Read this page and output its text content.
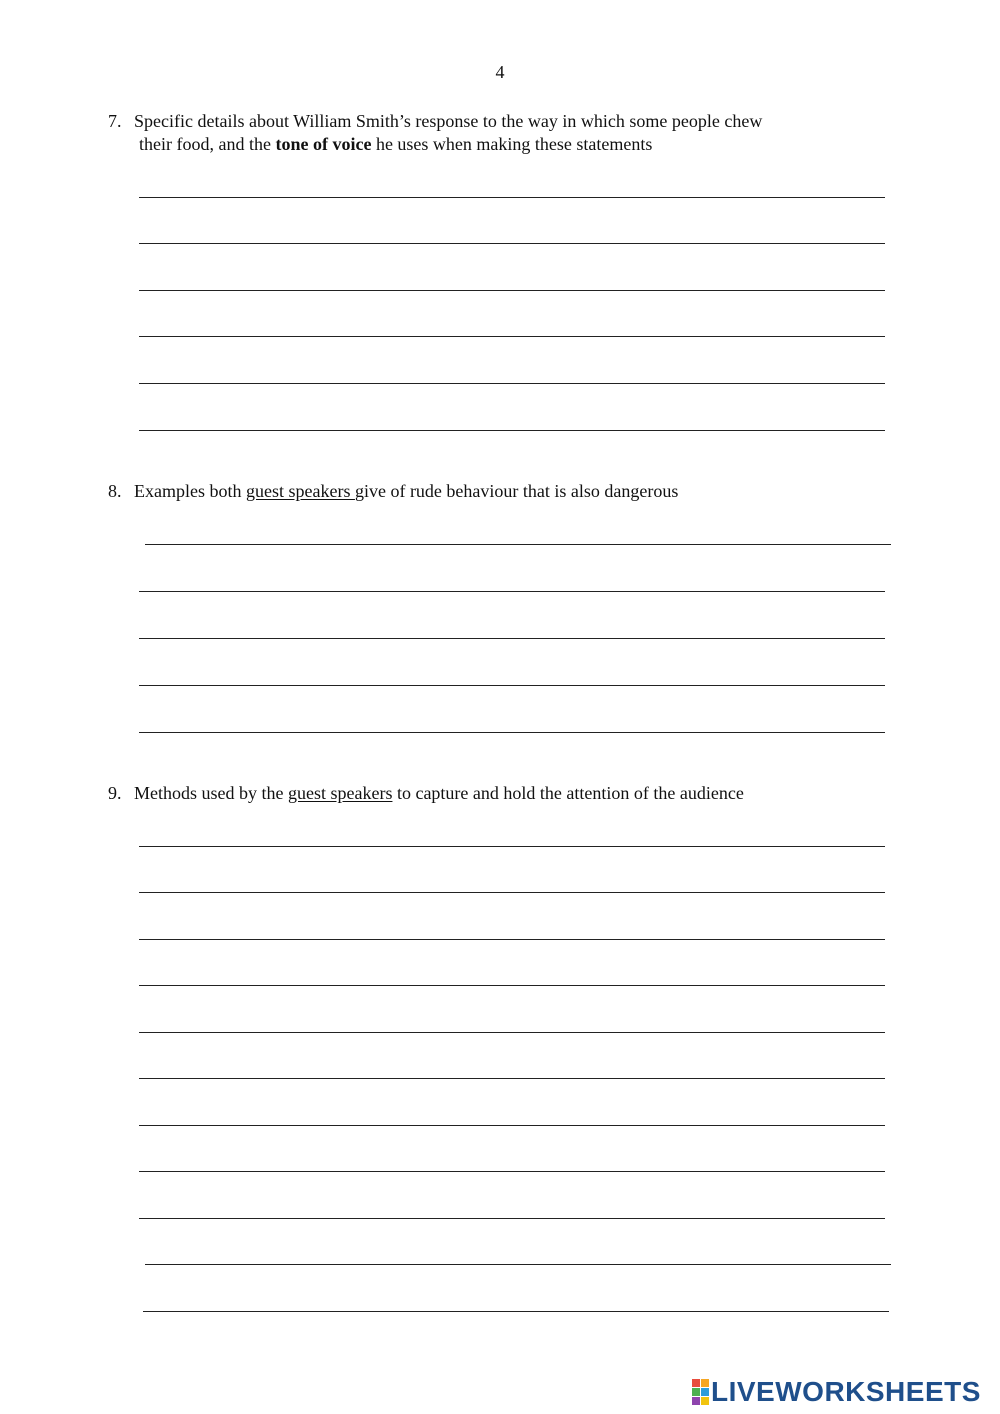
4
7. Specific details about William Smith’s response to the way in which some people chew
their food, and the tone of voice he uses when making these statements
8. Examples both guest speakers give of rude behaviour that is also dangerous
9. Methods used by the guest speakers to capture and hold the attention of the audience
LIVEWORKSHEETS
